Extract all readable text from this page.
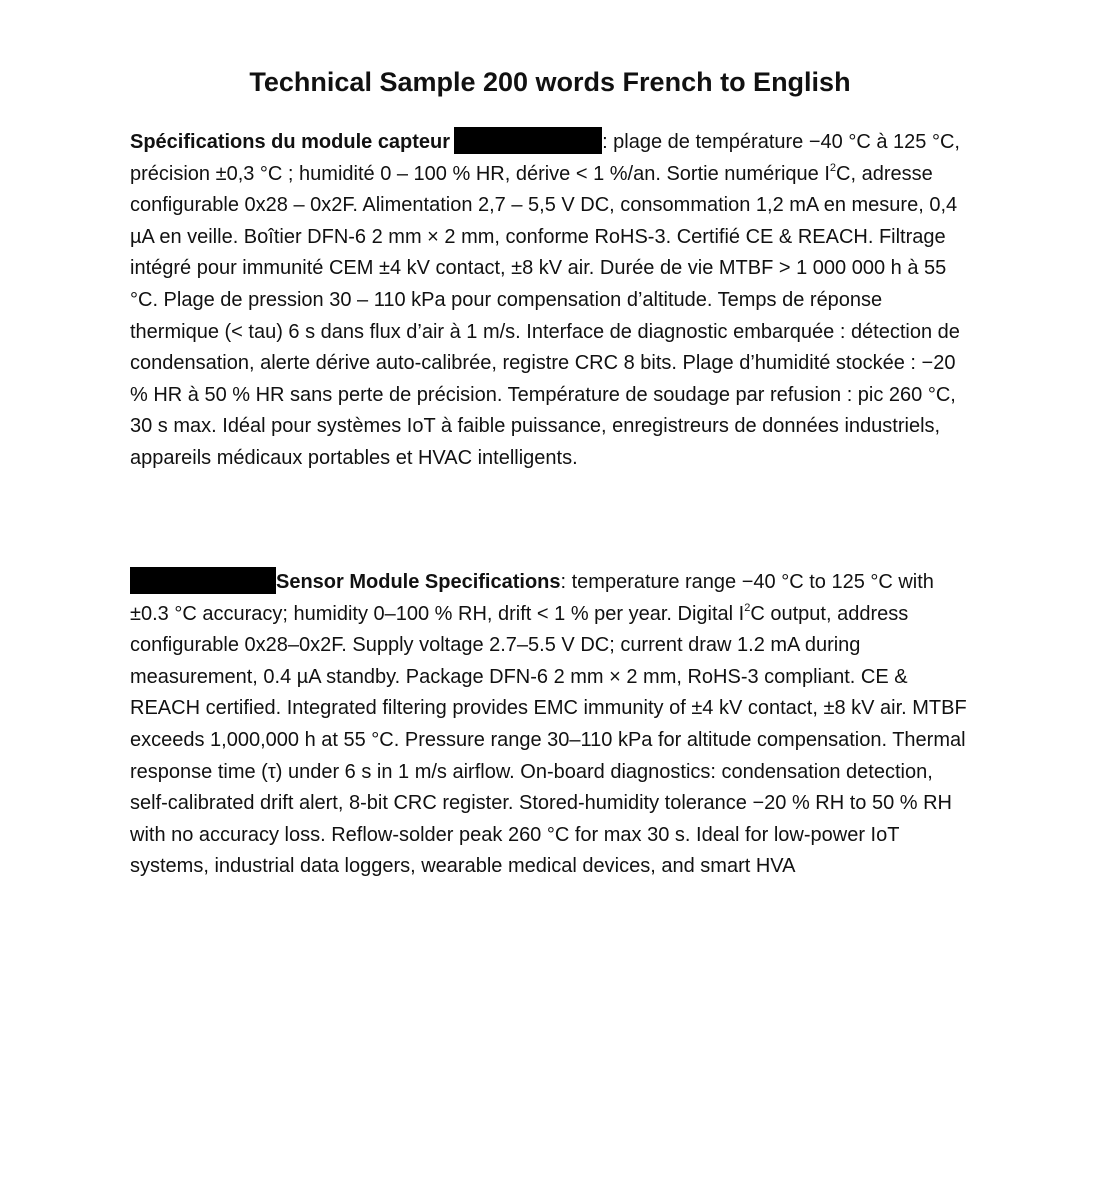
Technical Sample 200 words French to English

Spécifications du module capteur	: plage de température −40 °C à 125 °C, précision ±0,3 °C ; humidité 0 – 100 % HR, dérive < 1 %/an. Sortie numérique $I^2C$, adresse configurable 0x28 – 0x2F. Alimentation 2,7 – 5,5 V DC, consommation 1,2 mA en mesure, 0,4 µA en veille. Boîtier DFN-6 2 mm × 2 mm, conforme RoHS-3. Certifié CE & REACH. Filtrage intégré pour immunité CEM ±4 kV contact, ±8 kV air. Durée de vie MTBF > 1 000 000 h à 55 °C. Plage de pression 30 – 110 kPa pour compensation d’altitude. Temps de réponse thermique (< tau) 6 s dans flux d’air à 1 m/s. Interface de diagnostic embarquée : détection de condensation, alerte dérive auto-calibrée, registre CRC 8 bits. Plage d’humidité stockée : −20 % HR à 50 % HR sans perte de précision. Température de soudage par refusion : pic 260 °C, 30 s max. Idéal pour systèmes IoT à faible puissance, enregistreurs de données industriels, appareils médicaux portables et HVAC intelligents.

Sensor Module Specifications: temperature range −40 °C to 125 °C with ±0.3 °C accuracy; humidity 0–100 % RH, drift < 1 % per year. Digital $I^2C$ output, address configurable 0x28–0x2F. Supply voltage 2.7–5.5 V DC; current draw 1.2 mA during measurement, 0.4 µA standby. Package DFN-6 2 mm × 2 mm, RoHS-3 compliant. CE & REACH certified. Integrated filtering provides EMC immunity of ±4 kV contact, ±8 kV air. MTBF exceeds 1,000,000 h at 55 °C. Pressure range 30–110 kPa for altitude compensation. Thermal response time (τ) under 6 s in 1 m/s airflow. On-board diagnostics: condensation detection, self-calibrated drift alert, 8-bit CRC register. Stored-humidity tolerance −20 % RH to 50 % RH with no accuracy loss. Reflow-solder peak 260 °C for max 30 s. Ideal for low-power IoT systems, industrial data loggers, wearable medical devices, and smart HVA
